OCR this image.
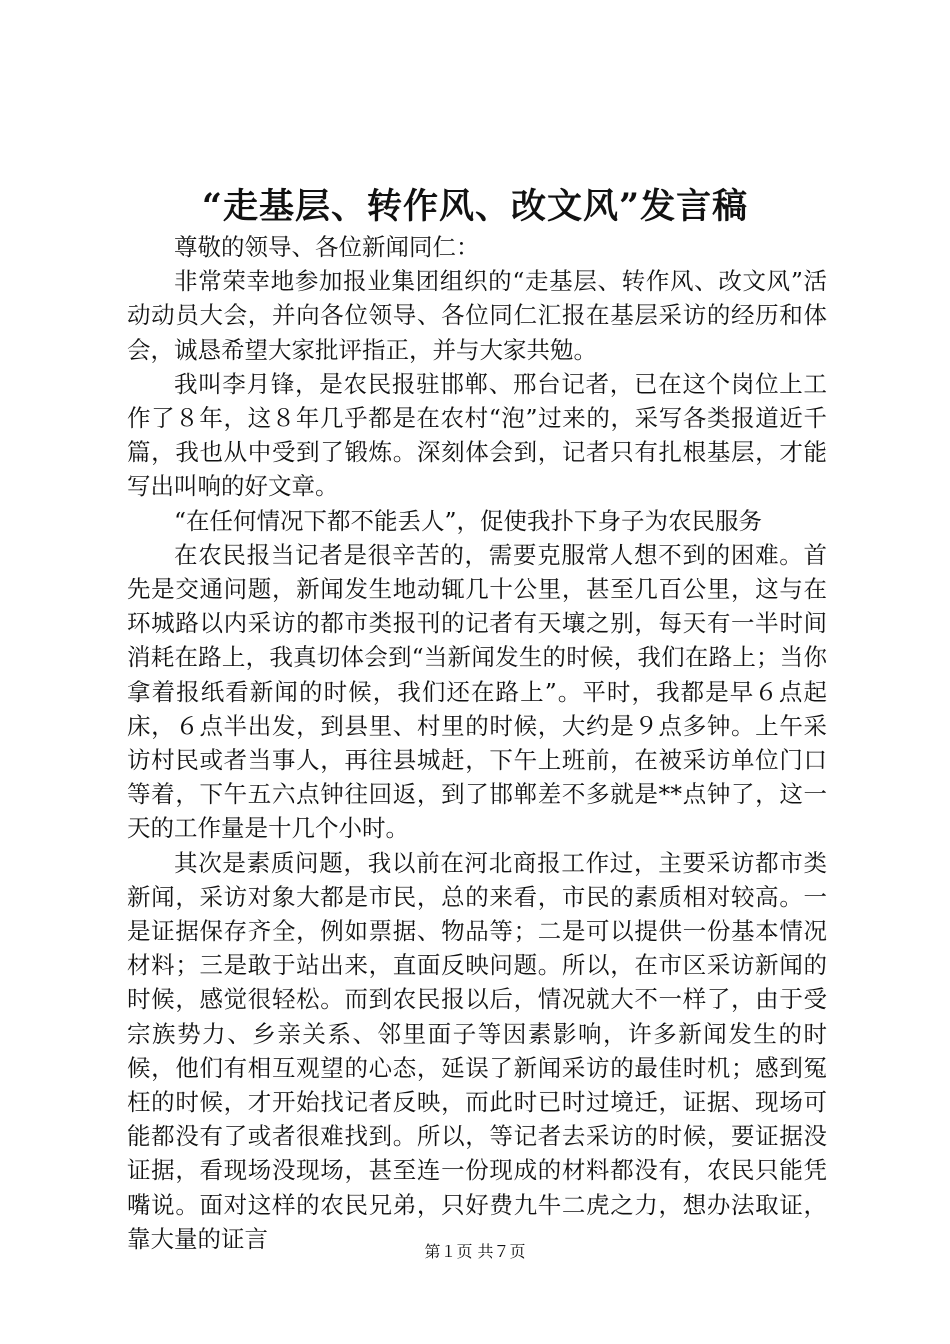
“走基层、转作风、改文风”发言稿

尊敬的领导、各位新闻同仁：

非常荣幸地参加报业集团组织的“走基层、转作风、改文风”活动动员大会，并向各位领导、各位同仁汇报在基层采访的经历和体会，诚恳希望大家批评指正，并与大家共勉。

我叫李月锋，是农民报驻邯郸、邢台记者，已在这个岗位上工作了８年，这８年几乎都是在农村“泡”过来的，采写各类报道近千篇，我也从中受到了锻炼。深刻体会到，记者只有扎根基层，才能写出叫响的好文章。

“在任何情况下都不能丢人”，促使我扑下身子为农民服务

在农民报当记者是很辛苦的，需要克服常人想不到的困难。首先是交通问题，新闻发生地动辄几十公里，甚至几百公里，这与在环城路以内采访的都市类报刊的记者有天壤之别，每天有一半时间消耗在路上，我真切体会到“当新闻发生的时候，我们在路上；当你拿着报纸看新闻的时候，我们还在路上”。平时，我都是早６点起床，６点半出发，到县里、村里的时候，大约是９点多钟。上午采访村民或者当事人，再往县城赶，下午上班前，在被采访单位门口等着，下午五六点钟往回返，到了邯郸差不多就是**点钟了，这一天的工作量是十几个小时。

其次是素质问题，我以前在河北商报工作过，主要采访都市类新闻，采访对象大都是市民，总的来看，市民的素质相对较高。一是证据保存齐全，例如票据、物品等；二是可以提供一份基本情况材料；三是敢于站出来，直面反映问题。所以，在市区采访新闻的时候，感觉很轻松。而到农民报以后，情况就大不一样了，由于受宗族势力、乡亲关系、邻里面子等因素影响，许多新闻发生的时候，他们有相互观望的心态，延误了新闻采访的最佳时机；感到冤枉的时候，才开始找记者反映，而此时已时过境迁，证据、现场可能都没有了或者很难找到。所以，等记者去采访的时候，要证据没证据，看现场没现场，甚至连一份现成的材料都没有，农民只能凭嘴说。面对这样的农民兄弟，只好费九牛二虎之力，想办法取证，靠大量的证言	第１页 共７页
